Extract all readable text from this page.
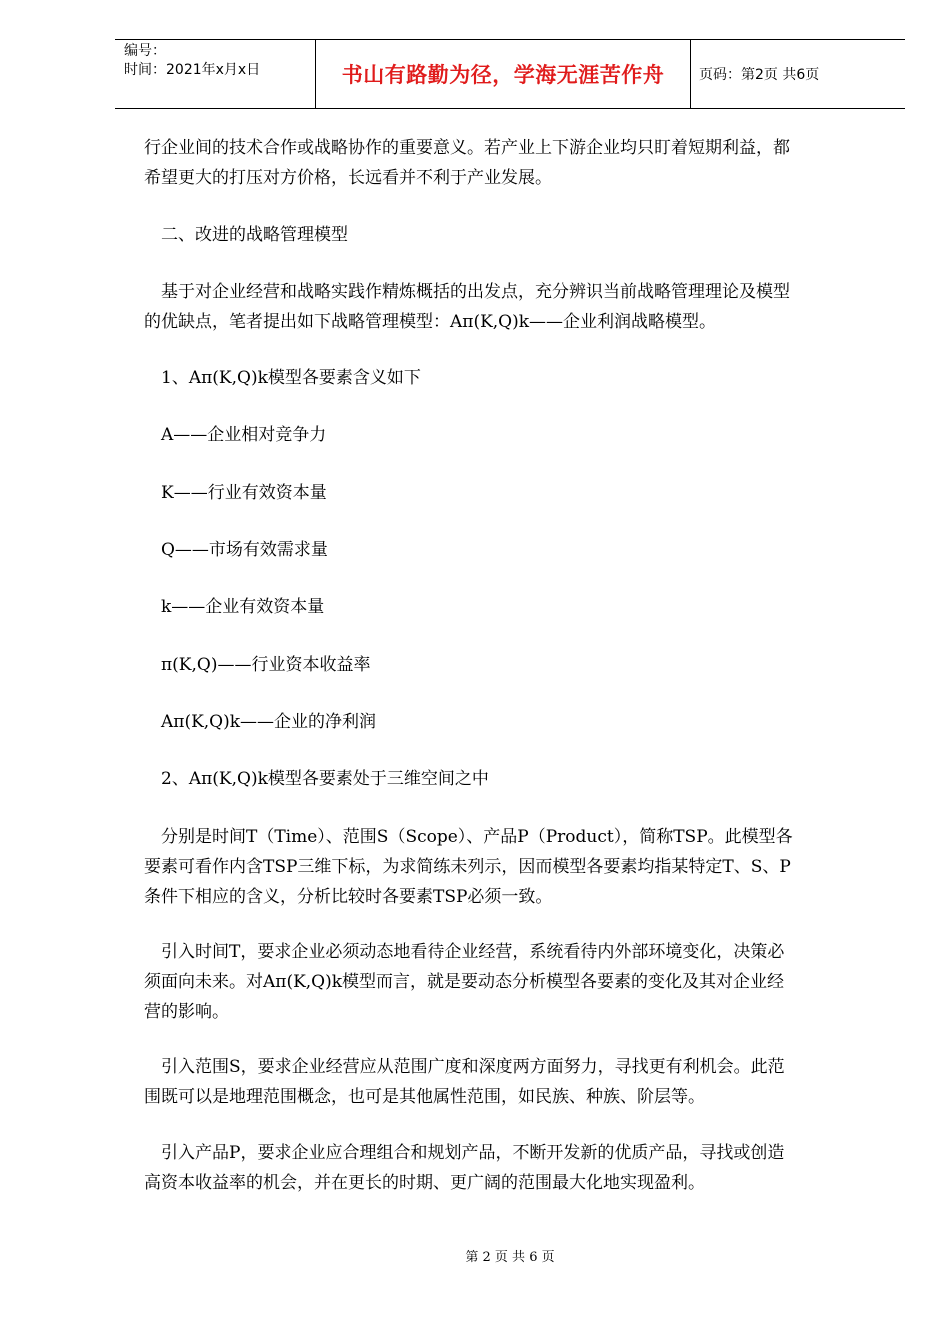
编号：
时间：2021年x月x日	书山有路勤为径，学海无涯苦作舟 页码：第2页 共6页
行企业间的技术合作或战略协作的重要意义。若产业上下游企业均只盯着短期利益，都
希望更大的打压对方价格，长远看并不利于产业发展。
　二、改进的战略管理模型
　基于对企业经营和战略实践作精炼概括的出发点，充分辨识当前战略管理理论及模型
的优缺点，笔者提出如下战略管理模型：Aπ(K,Q)k——企业利润战略模型。
　1、Aπ(K,Q)k模型各要素含义如下
　A——企业相对竞争力
　K——行业有效资本量
　Q——市场有效需求量
　k——企业有效资本量
　π(K,Q)——行业资本收益率
　Aπ(K,Q)k——企业的净利润
　2、Aπ(K,Q)k模型各要素处于三维空间之中
　分别是时间T（Time）、范围S（Scope）、产品P（Product），简称TSP。此模型各
要素可看作内含TSP三维下标，为求简练未列示，因而模型各要素均指某特定T、S、P
条件下相应的含义，分析比较时各要素TSP必须一致。
　引入时间T，要求企业必须动态地看待企业经营，系统看待内外部环境变化，决策必
须面向未来。对Aπ(K,Q)k模型而言，就是要动态分析模型各要素的变化及其对企业经
营的影响。
　引入范围S，要求企业经营应从范围广度和深度两方面努力，寻找更有利机会。此范
围既可以是地理范围概念，也可是其他属性范围，如民族、种族、阶层等。
　引入产品P，要求企业应合理组合和规划产品，不断开发新的优质产品，寻找或创造
高资本收益率的机会，并在更长的时期、更广阔的范围最大化地实现盈利。
第 2 页 共 6 页
